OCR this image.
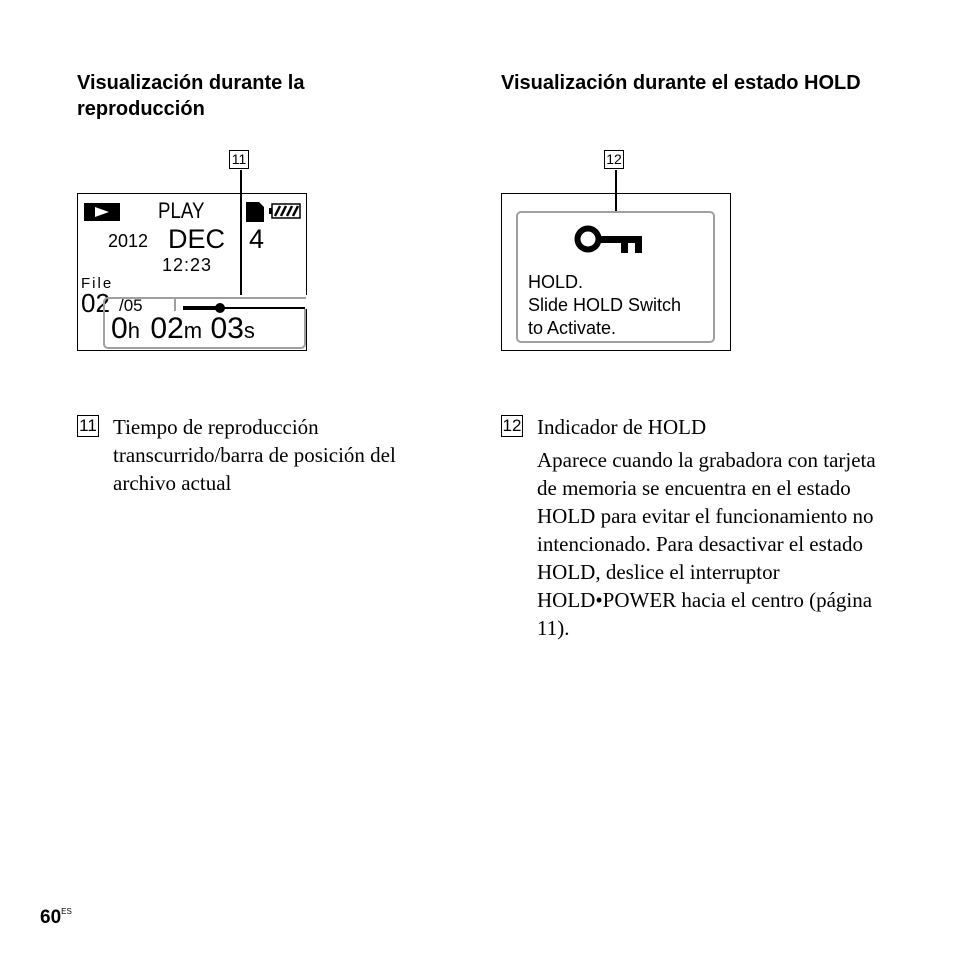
Visualización durante la reproducción
11
PLAY
2012 DEC 4
12:23
File
02 /05
0h 02m 03s
11 Tiempo de reproducción transcurrido/barra de posición del archivo actual

Visualización durante el estado HOLD
12
HOLD.
Slide HOLD Switch
to Activate.
12 Indicador de HOLD

Aparece cuando la grabadora con tarjeta de memoria se encuentra en el estado HOLD para evitar el funcionamiento no intencionado. Para desactivar el estado HOLD, deslice el interruptor HOLD•POWER hacia el centro (página 11).

$60^{ES}$
